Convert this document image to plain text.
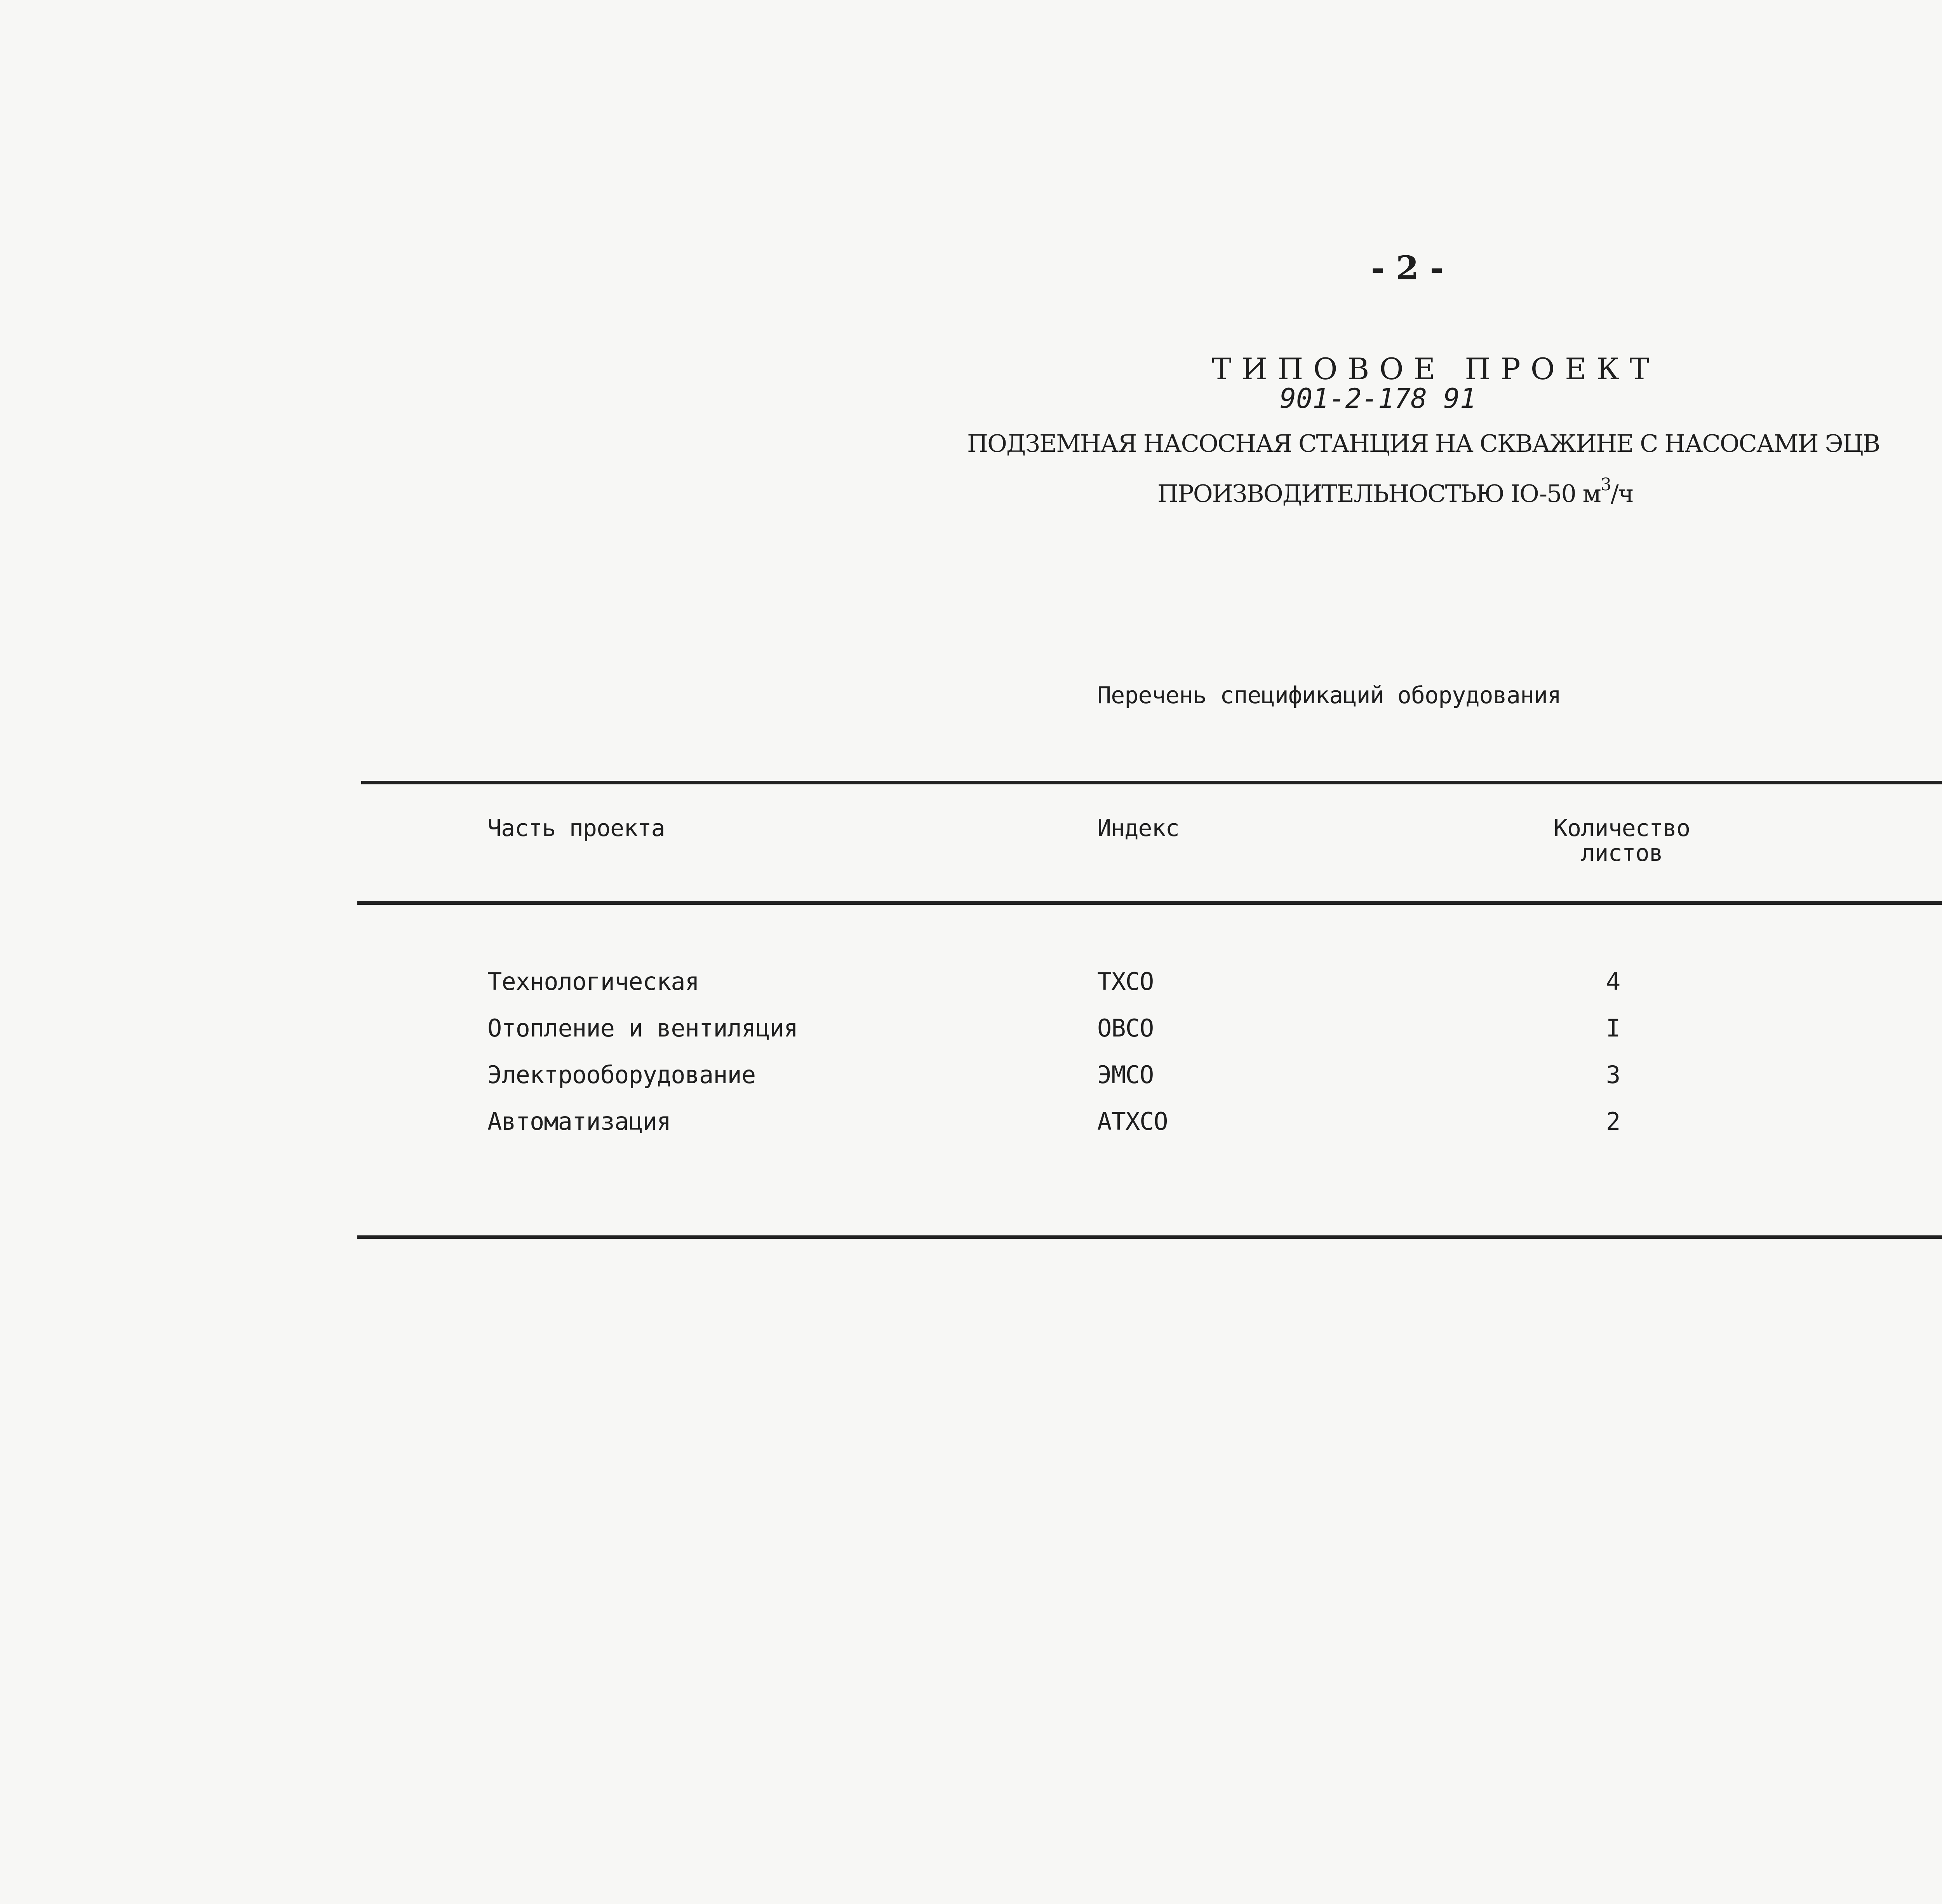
- 2 -
ТИПОВОЕ ПРОЕКТ
901-2-178 91
ПОДЗЕМНАЯ НАСОСНАЯ СТАНЦИЯ НА СКВАЖИНЕ С НАСОСАМИ ЭЦВ
ПРОИЗВОДИТЕЛЬНОСТЬЮ IO-50 $м^3/ч$
Перечень спецификаций оборудования
Часть проекта	Индекс	Количество
листов
Технологическая	ТХСО	4
Отопление и вентиляция	ОВСО	I
Электрооборудование	ЭМСО	3
Автоматизация	АТХСО	2
